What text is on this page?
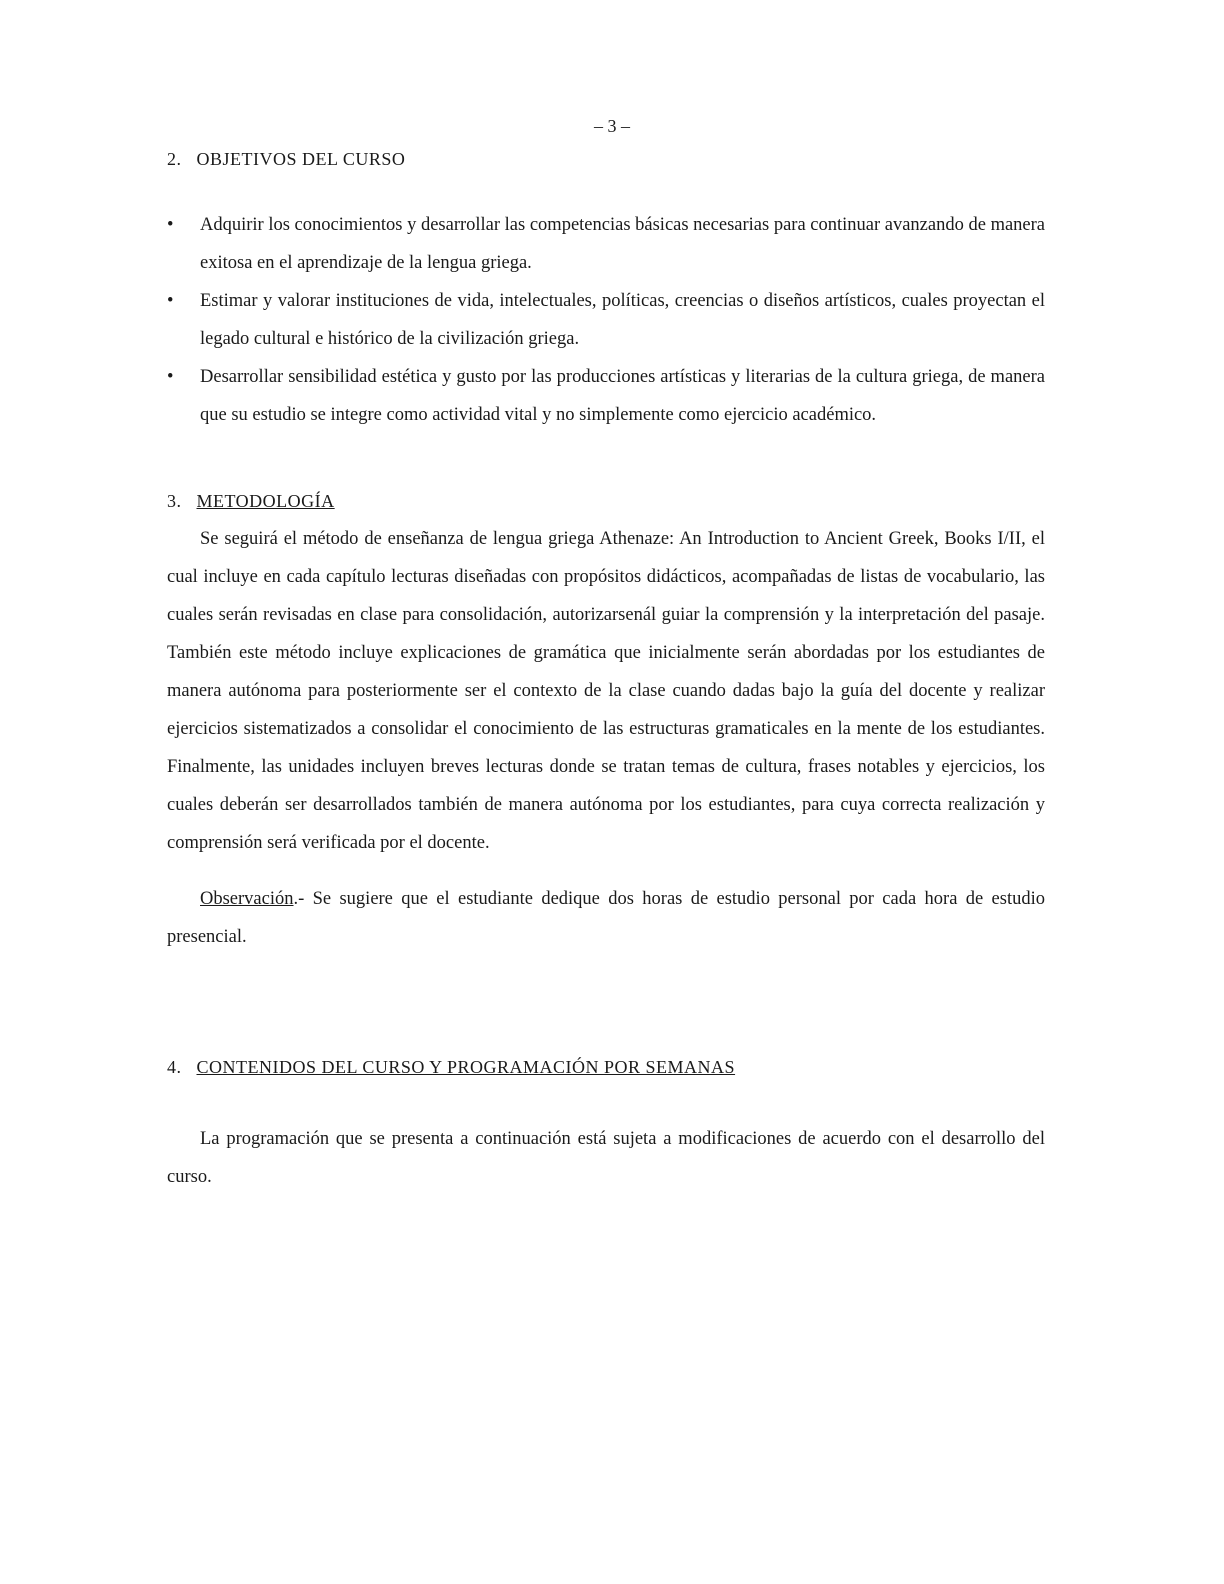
– 3 –
2. OBJETIVOS DEL CURSO
• Adquirir los conocimientos y desarrollar las competencias básicas necesarias para continuar avanzando de manera exitosa en el aprendizaje de la lengua griega.
• Estimar y valorar instituciones de vida, intelectuales, políticas, creencias o diseños artísticos, cuales proyectan el legado cultural e histórico de la civilización griega.
• Desarrollar sensibilidad estética y gusto por las producciones artísticas y literarias de la cultura griega, de manera que su estudio se integre como actividad vital y no simplemente como ejercicio académico.
3. METODOLOGÍA

Se seguirá el método de enseñanza de lengua griega Athenaze: An Introduction to Ancient Greek, Books I/II, el cual incluye en cada capítulo lecturas diseñadas con propósitos didácticos, acompañadas de listas de vocabulario, las cuales serán revisadas en clase para consolidación, autorizarsenál guiar la comprensión y la interpretación del pasaje. También este método incluye explicaciones de gramática que inicialmente serán abordadas por los estudiantes de manera autónoma para posteriormente ser el contexto de la clase cuando dadas bajo la guía del docente y realizar ejercicios sistematizados a consolidar el conocimiento de las estructuras gramaticales en la mente de los estudiantes. Finalmente, las unidades incluyen breves lecturas donde se tratan temas de cultura, frases notables y ejercicios, los cuales deberán ser desarrollados también de manera autónoma por los estudiantes, para cuya correcta realización y comprensión será verificada por el docente.

Observación.- Se sugiere que el estudiante dedique dos horas de estudio personal por cada hora de estudio presencial.

4. CONTENIDOS DEL CURSO Y PROGRAMACIÓN POR SEMANAS

La programación que se presenta a continuación está sujeta a modificaciones de acuerdo con el desarrollo del curso.
